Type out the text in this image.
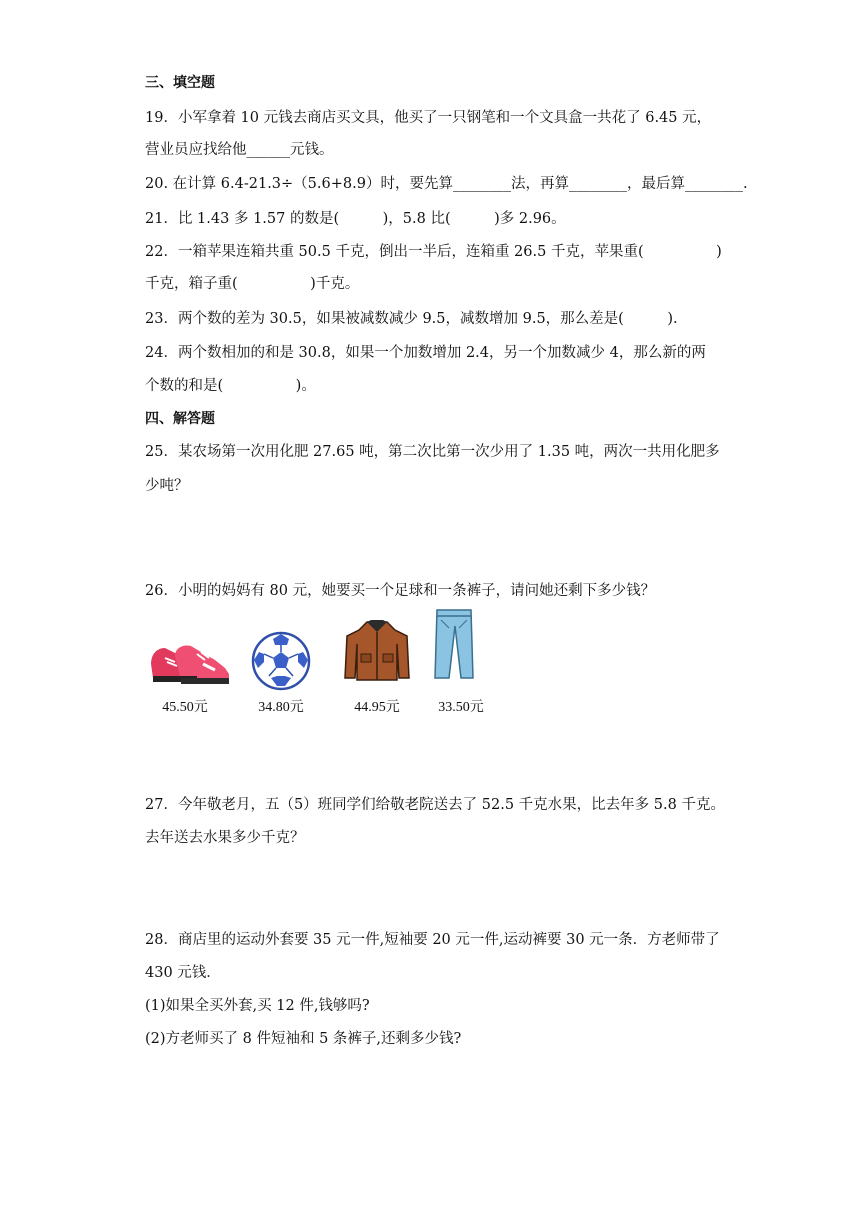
三、填空题
19．小军拿着 10 元钱去商店买文具，他买了一只钢笔和一个文具盒一共花了 6.45 元，
营业员应找给他______元钱。
20. 在计算 6.4-21.3÷（5.6+8.9）时，要先算________法，再算________，最后算________.
21．比 1.43 多 1.57 的数是(　　　)，5.8 比(　　　)多 2.96。
22．一箱苹果连箱共重 50.5 千克，倒出一半后，连箱重 26.5 千克，苹果重(　　　　　)
千克，箱子重(　　　　　)千克。
23．两个数的差为 30.5，如果被减数减少 9.5，减数增加 9.5，那么差是(　　　).
24．两个数相加的和是 30.8，如果一个加数增加 2.4，另一个加数减少 4，那么新的两
个数的和是(　　　　　)。
四、解答题
25．某农场第一次用化肥 27.65 吨，第二次比第一次少用了 1.35 吨，两次一共用化肥多
少吨？
26．小明的妈妈有 80 元，她要买一个足球和一条裤子，请问她还剩下多少钱？
45.50元	34.80元	44.95元	33.50元
27．今年敬老月，五（5）班同学们给敬老院送去了 52.5 千克水果，比去年多 5.8 千克。
去年送去水果多少千克？
28．商店里的运动外套要 35 元一件,短袖要 20 元一件,运动裤要 30 元一条．方老师带了
430 元钱．
(1)如果全买外套,买 12 件,钱够吗?
(2)方老师买了 8 件短袖和 5 条裤子,还剩多少钱?
